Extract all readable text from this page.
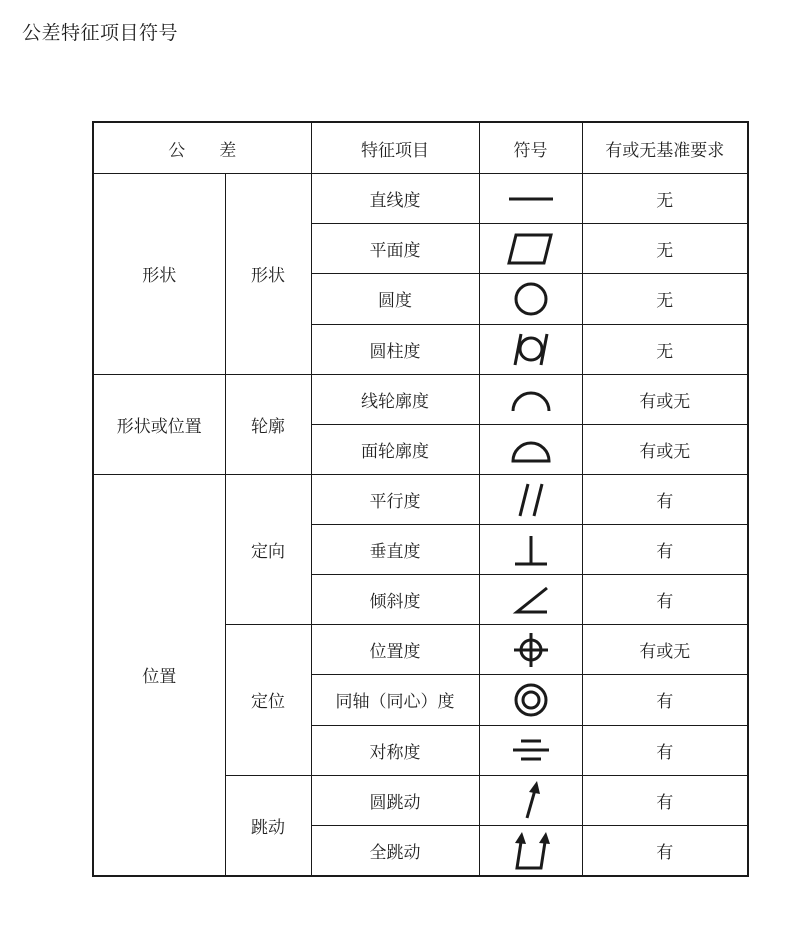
公差特征项目符号
公　　差		特征项目	符号	有或无基准要求
形状	形状	直线度		无
		平面度		无
		圆度		无
		圆柱度		无
形状或位置	轮廓	线轮廓度		有或无
		面轮廓度		有或无
位置	定向	平行度		有
		垂直度		有
		倾斜度		有
	定位	位置度		有或无
		同轴（同心）度		有
		对称度		有
	跳动	圆跳动		有
		全跳动		有
